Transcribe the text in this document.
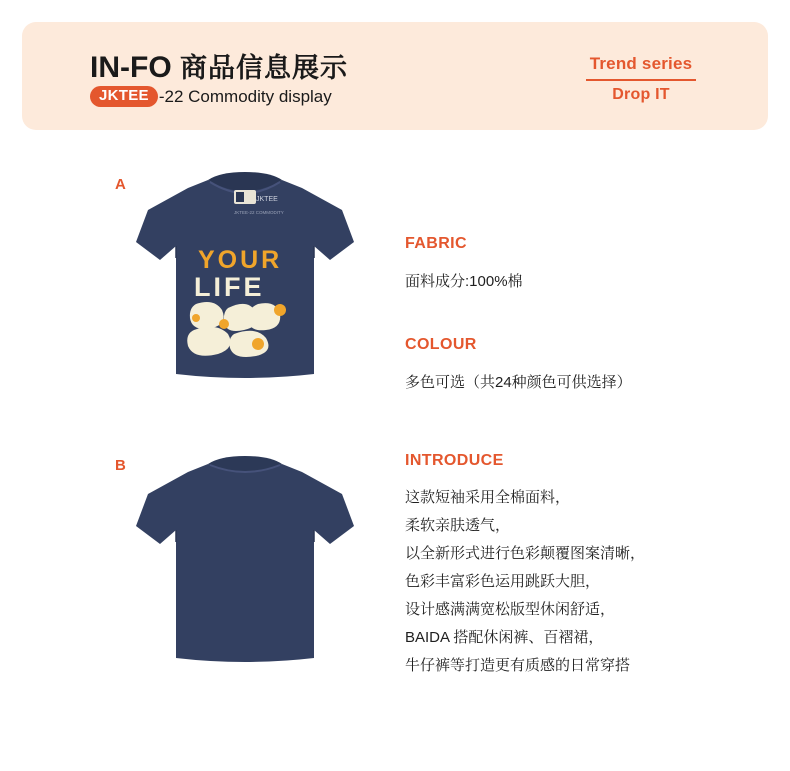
IN-FO 商品信息展示
JKTEE -22 Commodity display
Trend series
Drop IT
A
JKTEE
JKTEE-22 COMMODITY
YOUR
LIFE
B
FABRIC
面料成分:100%棉
COLOUR
多色可选（共24种颜色可供选择）
INTRODUCE
这款短袖采用全棉面料，
柔软亲肤透气，
以全新形式进行色彩颠覆图案清晰，
色彩丰富彩色运用跳跃大胆，
设计感满满宽松版型休闲舒适，
BAIDA 搭配休闲裤、百褶裙，
牛仔裤等打造更有质感的日常穿搭
